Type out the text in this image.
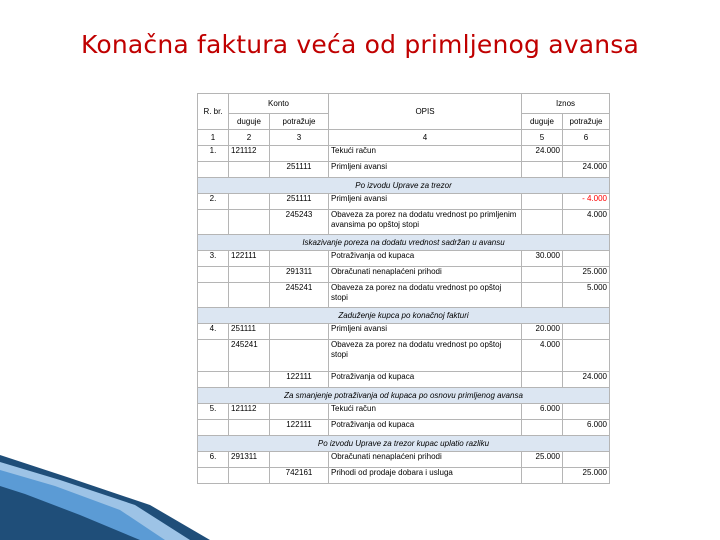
Konačna faktura veća od primljenog avansa
R. br.	Konto		OPIS	Iznos	
	duguje	potražuje		duguje	potražuje
1	2	3	4	5	6
1.	121112		Tekući račun	24.000	
		251111	Primljeni avansi		24.000
Po izvodu Uprave za trezor					
2.		251111	Primljeni avansi		- 4.000
		245243	Obaveza za porez na dodatu vrednost po primljenim avansima po opštoj stopi		4.000
Iskazivanje poreza na dodatu vrednost sadržan u avansu					
3.	122111		Potraživanja od kupaca	30.000	
		291311	Obračunati nenaplaćeni prihodi		25.000
		245241	Obaveza za porez na dodatu vrednost po opštoj stopi		5.000
Zaduženje kupca po konačnoj fakturi					
4.	251111		Primljeni avansi	20.000	
	245241		Obaveza za porez na dodatu vrednost po opštoj stopi	4.000	
		122111	Potraživanja od kupaca		24.000
Za smanjenje potraživanja od kupaca po osnovu primljenog avansa					
5.	121112		Tekući račun	6.000	
		122111	Potraživanja od kupaca		6.000
Po izvodu Uprave za trezor kupac uplatio razliku					
6.	291311		Obračunati nenaplaćeni prihodi	25.000	
		742161	Prihodi od prodaje dobara i usluga		25.000
